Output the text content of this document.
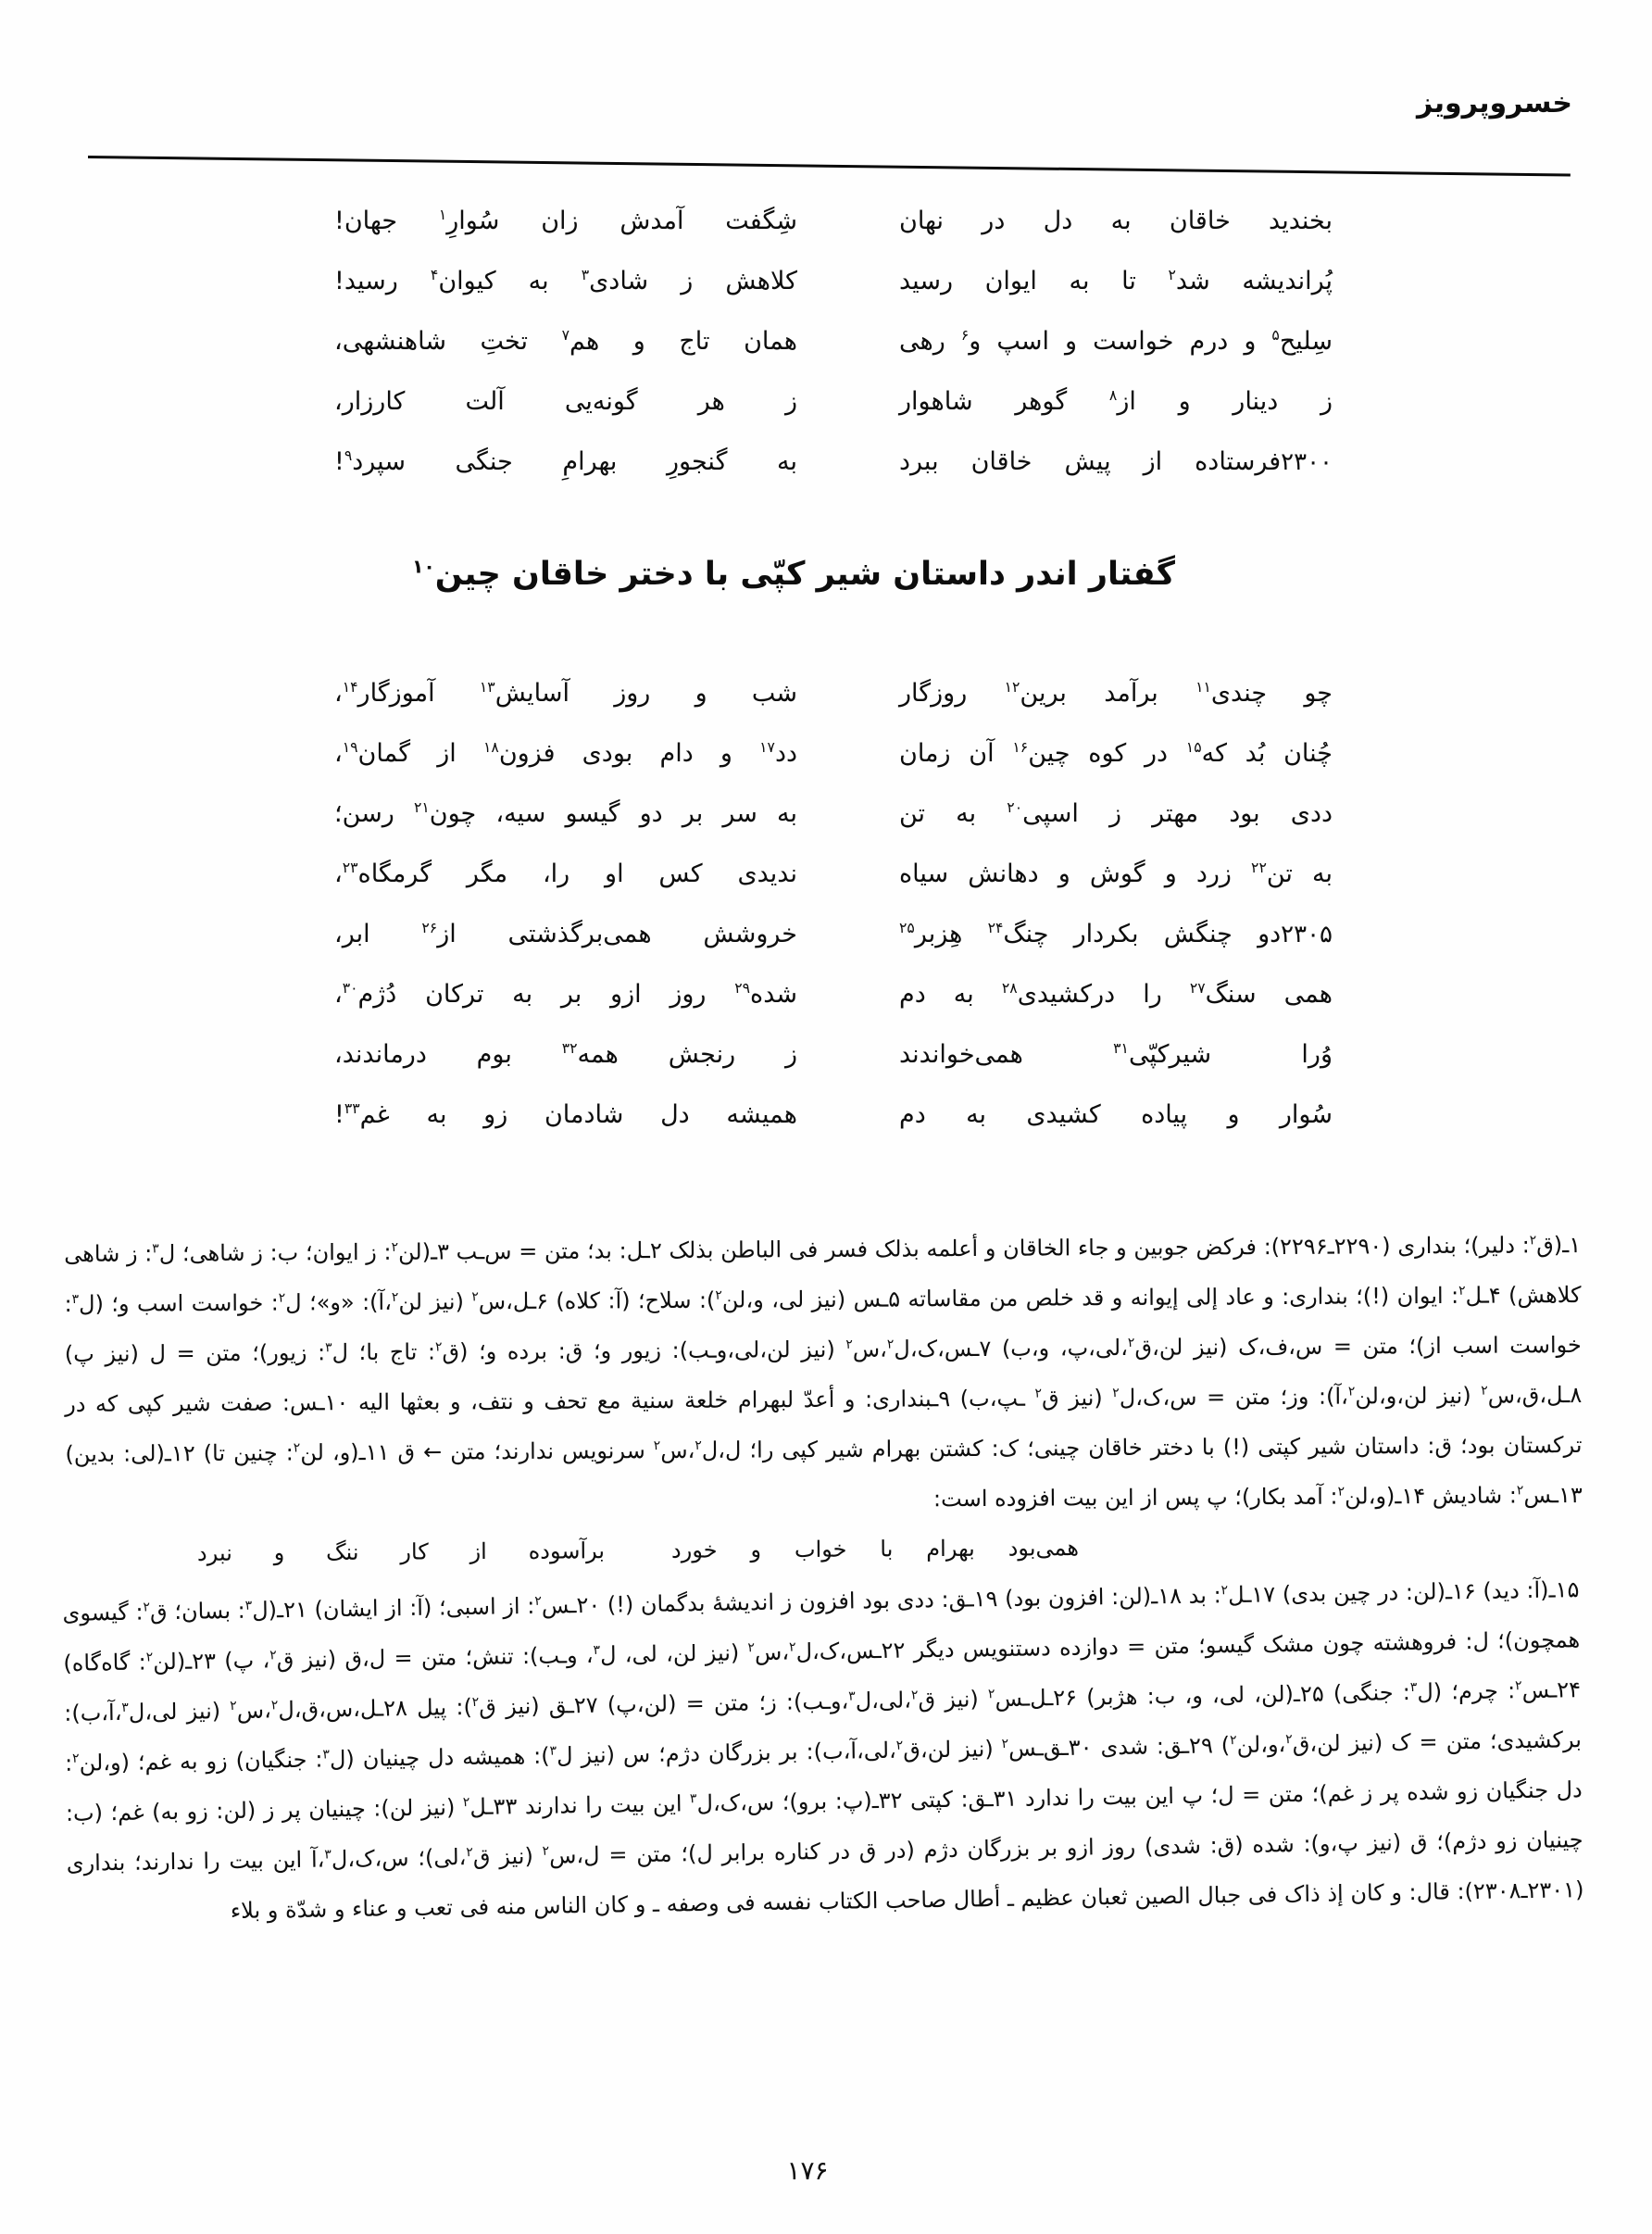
خسروپرویز
بخندید خاقان به دل در نهان
شِگفت آمدش زان سُوارِ$^۱$ جهان!
پُراندیشه شد$^۲$ تا به ایوان رسید
کلاهش ز شادی$^۳$ به کیوان$^۴$ رسید!
سِلیح$^۵$ و درم خواست و اسپ و$^۶$ رهی
همان تاج و هم$^۷$ تختِ شاهنشهی،
ز دینار و از$^۸$ گوهر شاهوار
ز هر گونه‌یی آلت کارزار،
۲۳۰۰فرستاده از پیش خاقان ببرد
به گنجورِ بهرامِ جنگی سپرد$^۹$!
گفتار اندر داستان شیر کپّی با دختر خاقان چین$^{۱۰}$
چو چندی$^{۱۱}$ برآمد برین$^{۱۲}$ روزگار
شب و روز آسایش$^{۱۳}$ آموزگار$^{۱۴}$،
چُنان بُد که$^{۱۵}$ در کوه چین$^{۱۶}$ آن زمان
دد$^{۱۷}$ و دام بودی فزون$^{۱۸}$ از گمان$^{۱۹}$،
ددی بود مهتر ز اسپی$^{۲۰}$ به تن
به سر بر دو گیسو سیه، چون$^{۲۱}$ رسن؛
به تن$^{۲۲}$ زرد و گوش و دهانش سیاه
ندیدی کس او را، مگر گرمگاه$^{۲۳}$،
۲۳۰۵دو چنگش بکردار چنگ$^{۲۴}$ هِزبر$^{۲۵}$
خروشش همی‌برگذشتی از$^{۲۶}$ ابر،
همی سنگ$^{۲۷}$ را درکشیدی$^{۲۸}$ به دم
شده$^{۲۹}$ روز ازو بر به ترکان دُژم$^{۳۰}$،
وُرا شیرکپّی$^{۳۱}$ همی‌خواندند
ز رنجش همه$^{۳۲}$ بوم درماندند،
سُوار و پیاده کشیدی به دم
همیشه دل شادمان زو به غم$^{۳۳}$!
۱ـ(ق$^۲$: دلیر)؛ بنداری (۲۲۹۰ـ۲۲۹۶): فرکض جوبین و جاء الخاقان و أعلمه بذلک فسر فی الباطن بذلک ۲ـل: بد؛ متن = س‌ـب ۳ـ(لن$^۲$: ز ایوان؛ ب: ز شاهی؛ ل$^۳$: ز شاهی کلاهش) ۴ـل$^۲$: ایوان (!)؛ بنداری: و عاد إلی إیوانه و قد خلص من مقاساته ۵ـس (نیز لی، و،لن$^۲$): سلاح؛ (آ: کلاه) ۶ـل،س$^۲$ (نیز لن$^۲$،آ): «و»؛ ل$^۲$: خواست اسب و؛ (ل$^۳$: خواست اسب از)؛ متن = س،ف،ک (نیز لن،ق$^۲$،لی،پ، و،ب) ۷ـس،ک،ل$^۲$،س$^۲$ (نیز لن،لی،وـب): زیور و؛ ق: برده و؛ (ق$^۲$: تاج با؛ ل$^۳$: زیور)؛ متن = ل (نیز پ) ۸ـل،ق،س$^۲$ (نیز لن،و،لن$^۲$،آ): وز؛ متن = س،ک،ل$^۲$ (نیز ق$^۲$ ـپ،ب) ۹ـبنداری: و أعدّ لبهرام خلعة سنیة مع تحف و نتف، و بعثها الیه ۱۰ـس: صفت شیر کپی که در ترکستان بود؛ ق: داستان شیر کپتی (!) با دختر خاقان چینی؛ ک: کشتن بهرام شیر کپی را؛ ل،ل$^۲$،س$^۲$ سرنویس ندارند؛ متن ← ق ۱۱ـ(و، لن$^۲$: چنین تا) ۱۲ـ(لی: بدین) ۱۳ـس$^۲$: شادیش ۱۴ـ(و،لن$^۲$: آمد بکار)؛ پ پس از این بیت افزوده است:
همی‌بود بهرام با خواب و خورد
برآسوده از کار ننگ و نبرد
۱۵ـ(آ: دید) ۱۶ـ(لن: در چین بدی) ۱۷ـل$^۲$: بد ۱۸ـ(لن: افزون بود) ۱۹ـق: ددی بود افزون ز اندیشهٔ بدگمان (!) ۲۰ـس$^۲$: از اسبی؛ (آ: از ایشان) ۲۱ـ(ل$^۳$: بسان؛ ق$^۲$: گیسوی همچون)؛ ل: فروهشته چون مشک گیسو؛ متن = دوازده دستنویس دیگر ۲۲ـس،ک،ل$^۲$،س$^۲$ (نیز لن، لی، ل$^۳$، وـب): تنش؛ متن = ل،ق (نیز ق$^۲$، پ) ۲۳ـ(لن$^۲$: گاه‌گاه) ۲۴ـس$^۲$: چرم؛ (ل$^۳$: جنگی) ۲۵ـ(لن، لی، و، ب: هژبر) ۲۶ـل‌ـس$^۲$ (نیز ق$^۲$،لی،ل$^۳$،وـب): ز؛ متن = (لن،پ) ۲۷ـق (نیز ق$^۲$): پیل ۲۸ـل،س،ق،ل$^۲$،س$^۲$ (نیز لی،ل$^۳$،آ،ب): برکشیدی؛ متن = ک (نیز لن،ق$^۲$،و،لن$^۲$) ۲۹ـق: شدی ۳۰ـق‌ـس$^۲$ (نیز لن،ق$^۲$،لی،آ،ب): بر بزرگان دژم؛ س (نیز ل$^۳$): همیشه دل چینیان (ل$^۳$: جنگیان) زو به غم؛ (و،لن$^۲$: دل جنگیان زو شده پر ز غم)؛ متن = ل؛ پ این بیت را ندارد ۳۱ـق: کپتی ۳۲ـ(پ: برو)؛ س،ک،ل$^۳$ این بیت را ندارند ۳۳ـل$^۲$ (نیز لن): چینیان پر ز (لن: زو به) غم؛ (ب: چینیان زو دژم)؛ ق (نیز پ،و): شده (ق: شدی) روز ازو بر بزرگان دژم (در ق در کناره برابر ل)؛ متن = ل،س$^۲$ (نیز ق$^۲$،لی)؛ س،ک،ل$^۳$،آ این بیت را ندارند؛ بنداری (۲۳۰۱ـ۲۳۰۸): قال: و کان إذ ذاک فی جبال الصین ثعبان عظیم ـ أطال صاحب الکتاب نفسه فی وصفه ـ و کان الناس منه فی تعب و عناء و شدّة و بلاء
۱۷۶
